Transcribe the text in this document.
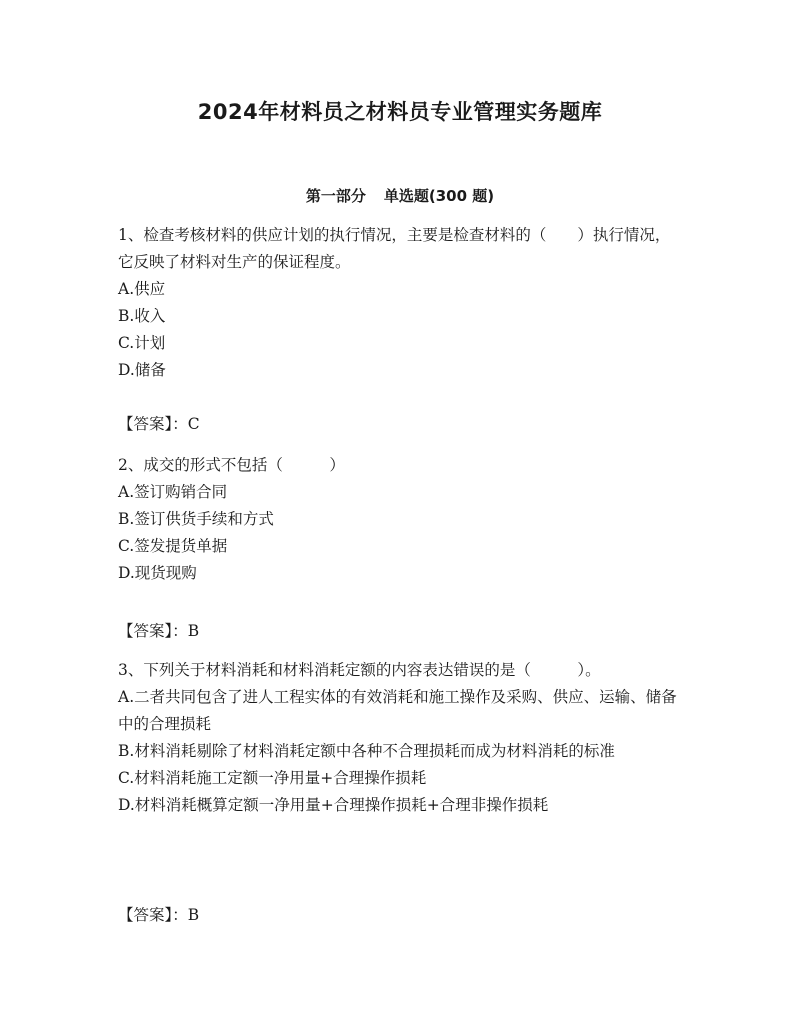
2024年材料员之材料员专业管理实务题库
第一部分 单选题(300 题)

1、检查考核材料的供应计划的执行情况，主要是检查材料的（　　）执行情况，它反映了材料对生产的保证程度。

A.供应

B.收入

C.计划

D.储备

【答案】：C

2、成交的形式不包括（　　　）

A.签订购销合同

B.签订供货手续和方式

C.签发提货单据

D.现货现购

【答案】：B

3、下列关于材料消耗和材料消耗定额的内容表达错误的是（　　　）。

A.二者共同包含了进人工程实体的有效消耗和施工操作及采购、供应、运输、储备中的合理损耗

B.材料消耗剔除了材料消耗定额中各种不合理损耗而成为材料消耗的标准

C.材料消耗施工定额一净用量+合理操作损耗

D.材料消耗概算定额一净用量+合理操作损耗+合理非操作损耗

【答案】：B
